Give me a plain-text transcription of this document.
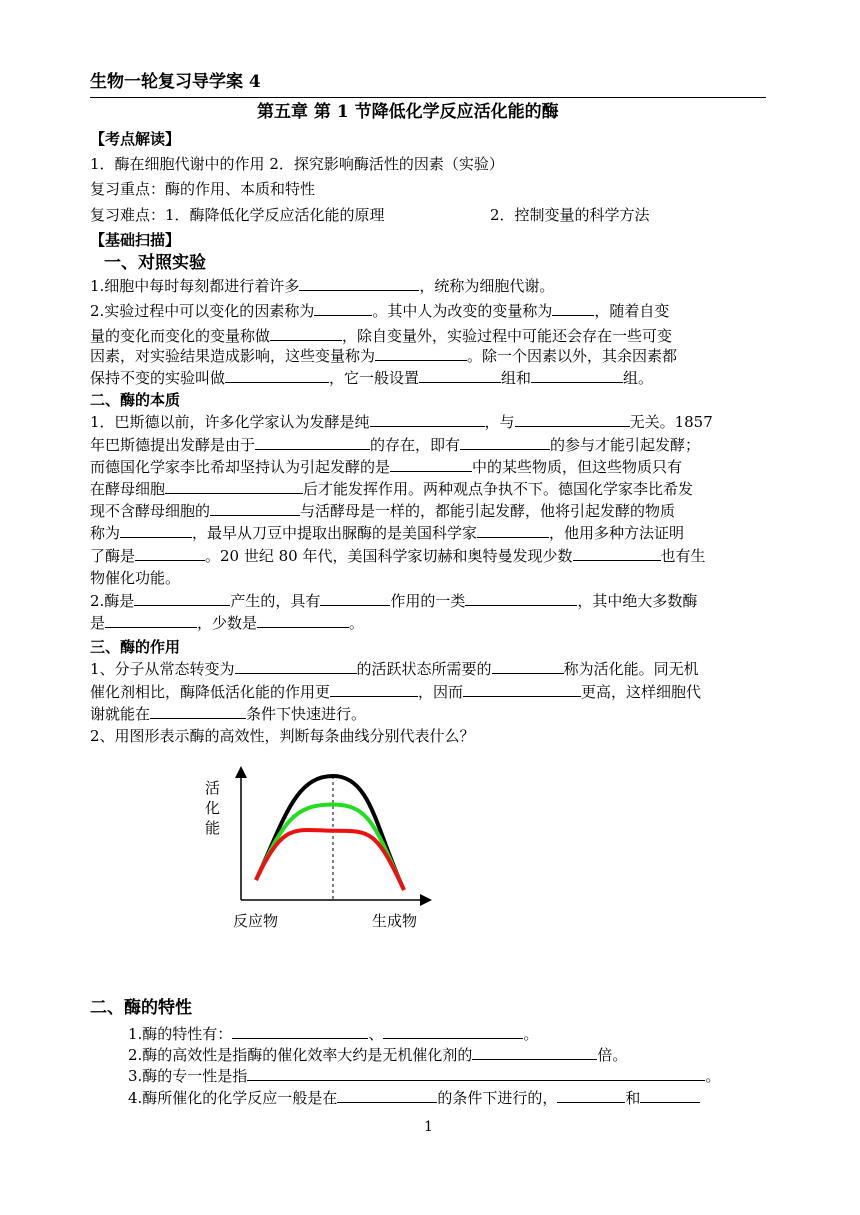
生物一轮复习导学案 4
第五章 第 1 节降低化学反应活化能的酶
【考点解读】
1．酶在细胞代谢中的作用 2．探究影响酶活性的因素（实验）
复习重点：酶的作用、本质和特性
复习难点：1．酶降低化学反应活化能的原理	2．控制变量的科学方法
【基础扫描】
一、对照实验
1.细胞中每时每刻都进行着许多	，统称为细胞代谢。
2.实验过程中可以变化的因素称为	。其中人为改变的变量称为	，随着自变
量的变化而变化的变量称做	，除自变量外，实验过程中可能还会存在一些可变
因素，对实验结果造成影响，这些变量称为	。除一个因素以外，其余因素都
保持不变的实验叫做	，它一般设置	组和	组。
二、酶的本质
1．巴斯德以前，许多化学家认为发酵是纯	，与	无关。1857
年巴斯德提出发酵是由于	的存在，即有	的参与才能引起发酵；
而德国化学家李比希却坚持认为引起发酵的是	中的某些物质，但这些物质只有
在酵母细胞	后才能发挥作用。两种观点争执不下。德国化学家李比希发
现不含酵母细胞的	与活酵母是一样的，都能引起发酵，他将引起发酵的物质
称为	，最早从刀豆中提取出脲酶的是美国科学家	，他用多种方法证明
了酶是	。20 世纪 80 年代，美国科学家切赫和奥特曼发现少数	也有生
物催化功能。
2.酶是	产生的，具有	作用的一类	，其中绝大多数酶
是	，少数是	。
三、酶的作用
1、分子从常态转变为	的活跃状态所需要的	称为活化能。同无机
催化剂相比，酶降低活化能的作用更	，因而	更高，这样细胞代
谢就能在	条件下快速进行。
2、用图形表示酶的高效性，判断每条曲线分别代表什么？
活化能
反应物	生成物
二、酶的特性
1.酶的特性有：	、	。
2.酶的高效性是指酶的催化效率大约是无机催化剂的	倍。
3.酶的专一性是指	。
4.酶所催化的化学反应一般是在	的条件下进行的，	和
1
